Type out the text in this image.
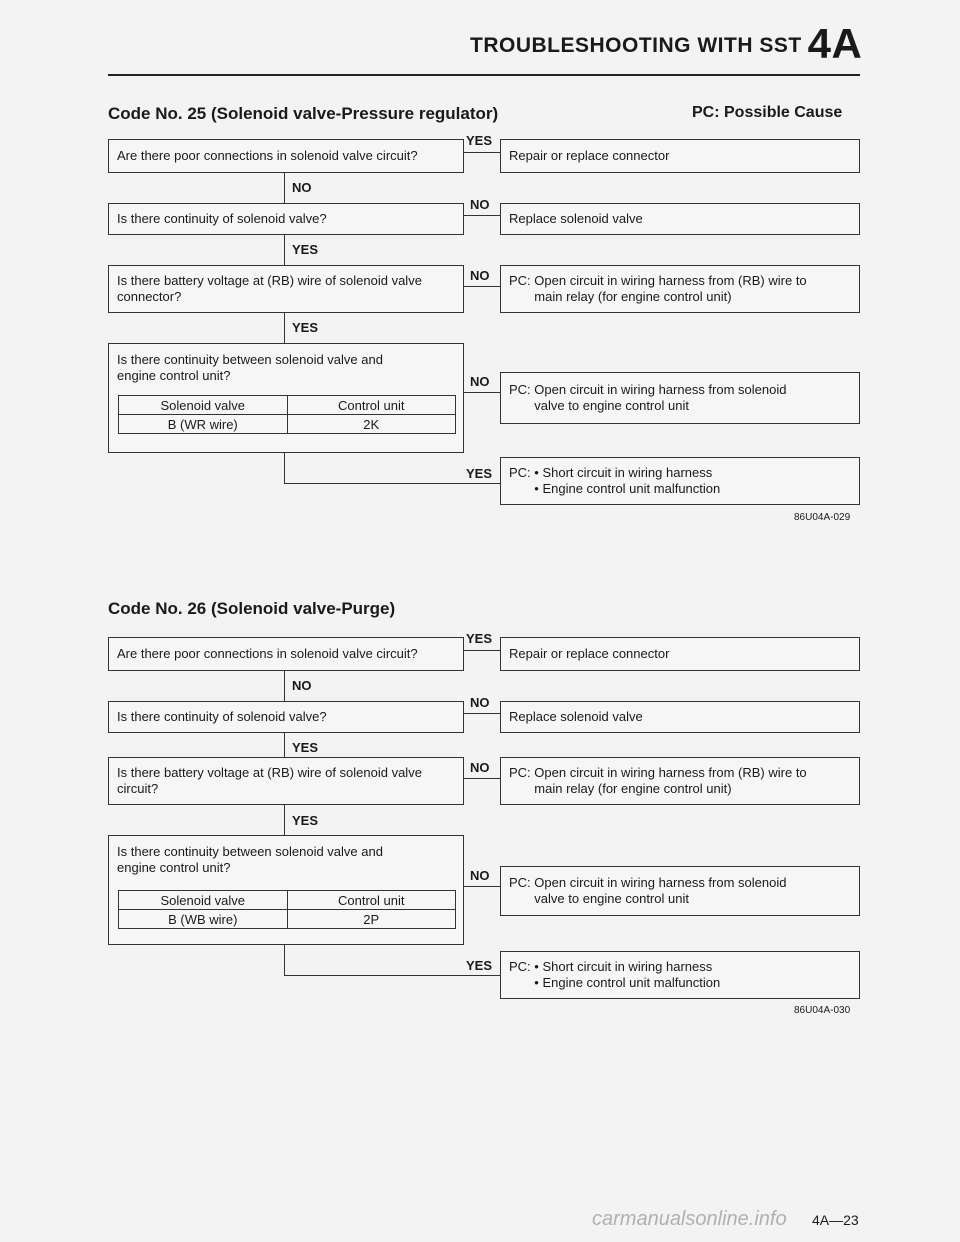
TROUBLESHOOTING WITH SST 4A
PC: Possible Cause
Code No. 25 (Solenoid valve-Pressure regulator)
Are there poor connections in solenoid valve circuit?
YES
Repair or replace connector
NO
Is there continuity of solenoid valve?
NO
Replace solenoid valve
YES
Is there battery voltage at (RB) wire of solenoid valve
connector?
NO PC: Open circuit in wiring harness from (RB) wire to
main relay (for engine control unit)
YES
Is there continuity between solenoid valve and
engine control unit?
Solenoid valve	Control unit
B (WR wire)	2K
NO
PC: Open circuit in wiring harness from solenoid
valve to engine control unit
YES PC: • Short circuit in wiring harness
• Engine control unit malfunction
86U04A-029
Code No. 26 (Solenoid valve-Purge)
Are there poor connections in solenoid valve circuit?
YES
Repair or replace connector
NO
Is there continuity of solenoid valve?
NO
Replace solenoid valve
YES
Is there battery voltage at (RB) wire of solenoid valve
circuit?
NO PC: Open circuit in wiring harness from (RB) wire to
main relay (for engine control unit)
YES
Is there continuity between solenoid valve and
engine control unit?
Solenoid valve	Control unit
B (WB wire)	2P
NO PC: Open circuit in wiring harness from solenoid
valve to engine control unit
YES PC: • Short circuit in wiring harness
• Engine control unit malfunction
86U04A-030
carmanualsonline.info 4A—23
